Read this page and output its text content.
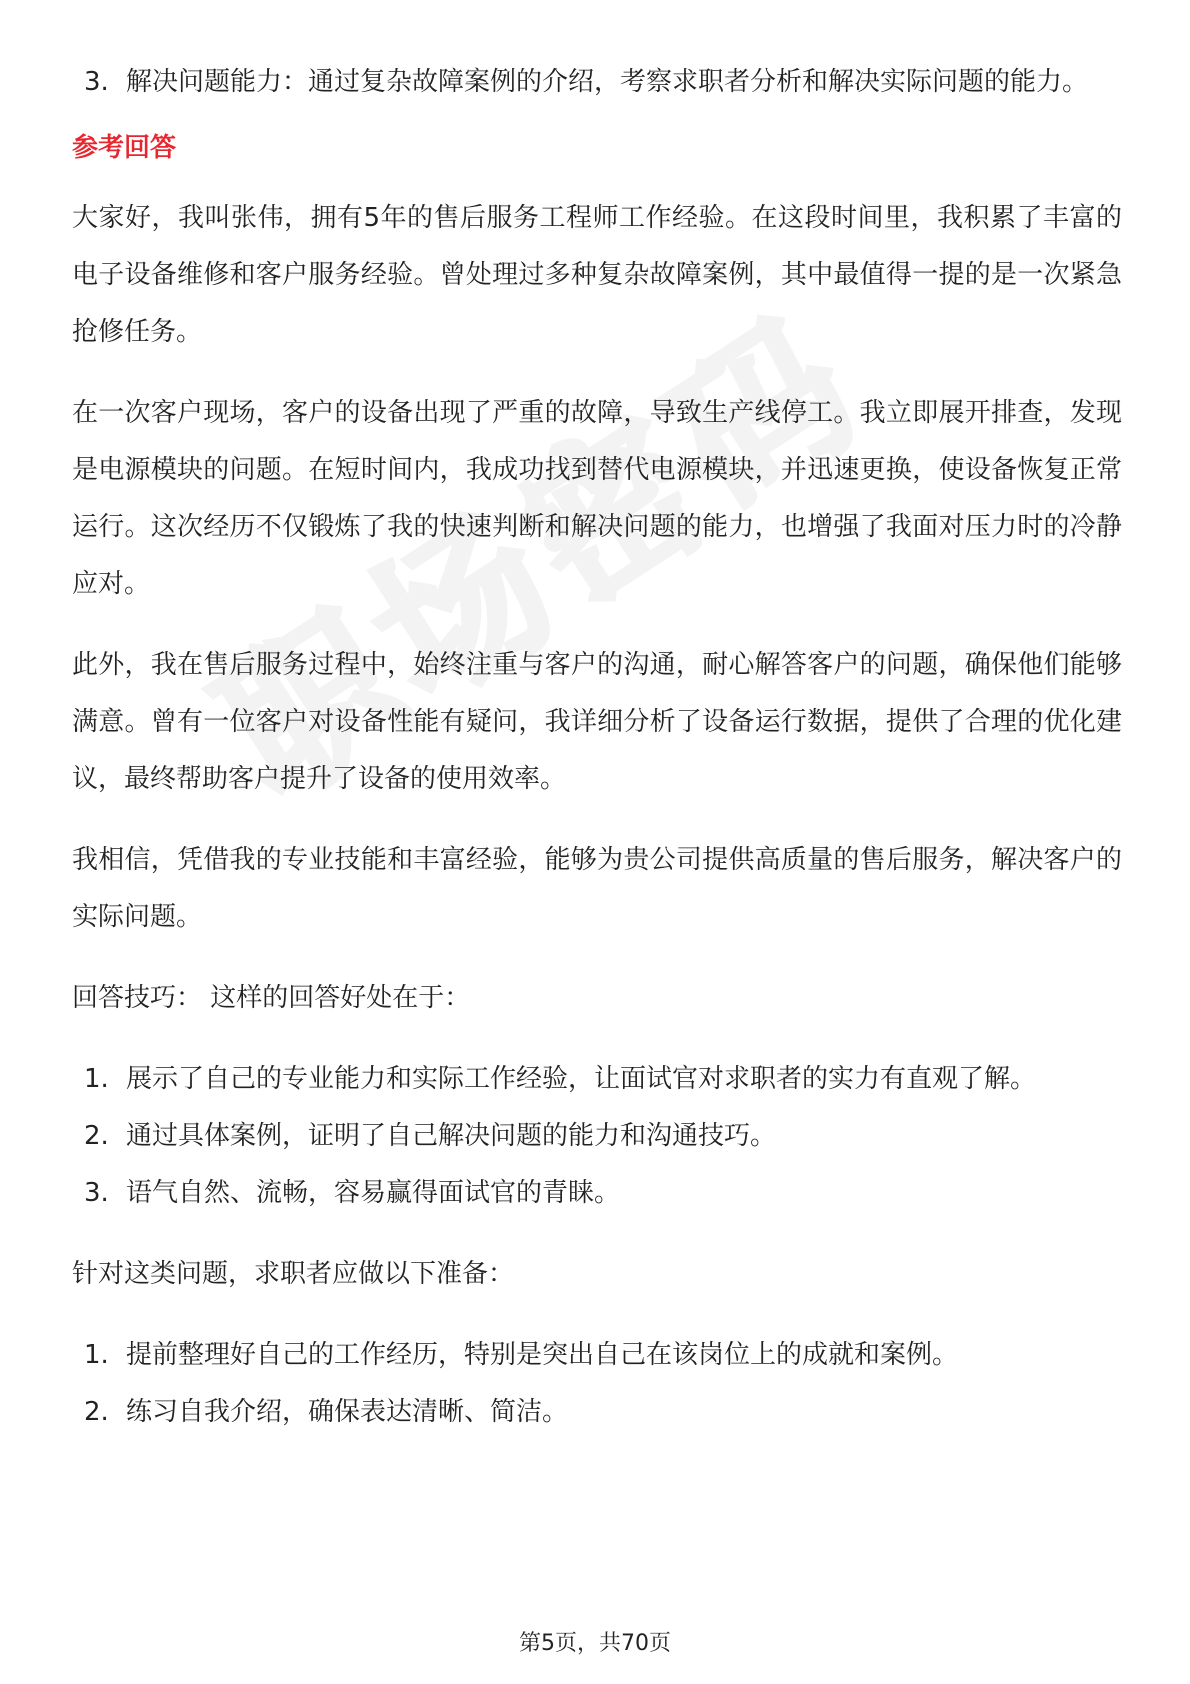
3. 解决问题能力：通过复杂故障案例的介绍，考察求职者分析和解决实际问题的能力。
参考回答

大家好，我叫张伟，拥有5年的售后服务工程师工作经验。在这段时间里，我积累了丰富的电子设备维修和客户服务经验。曾处理过多种复杂故障案例，其中最值得一提的是一次紧急抢修任务。

在一次客户现场，客户的设备出现了严重的故障，导致生产线停工。我立即展开排查，发现是电源模块的问题。在短时间内，我成功找到替代电源模块，并迅速更换，使设备恢复正常运行。这次经历不仅锻炼了我的快速判断和解决问题的能力，也增强了我面对压力时的冷静应对。

此外，我在售后服务过程中，始终注重与客户的沟通，耐心解答客户的问题，确保他们能够满意。曾有一位客户对设备性能有疑问，我详细分析了设备运行数据，提供了合理的优化建议，最终帮助客户提升了设备的使用效率。

我相信，凭借我的专业技能和丰富经验，能够为贵公司提供高质量的售后服务，解决客户的实际问题。

回答技巧： 这样的回答好处在于：

1. 展示了自己的专业能力和实际工作经验，让面试官对求职者的实力有直观了解。
2. 通过具体案例，证明了自己解决问题的能力和沟通技巧。
3. 语气自然、流畅，容易赢得面试官的青睐。

针对这类问题，求职者应做以下准备：

1. 提前整理好自己的工作经历，特别是突出自己在该岗位上的成就和案例。
2. 练习自我介绍，确保表达清晰、简洁。
第5页，共70页
